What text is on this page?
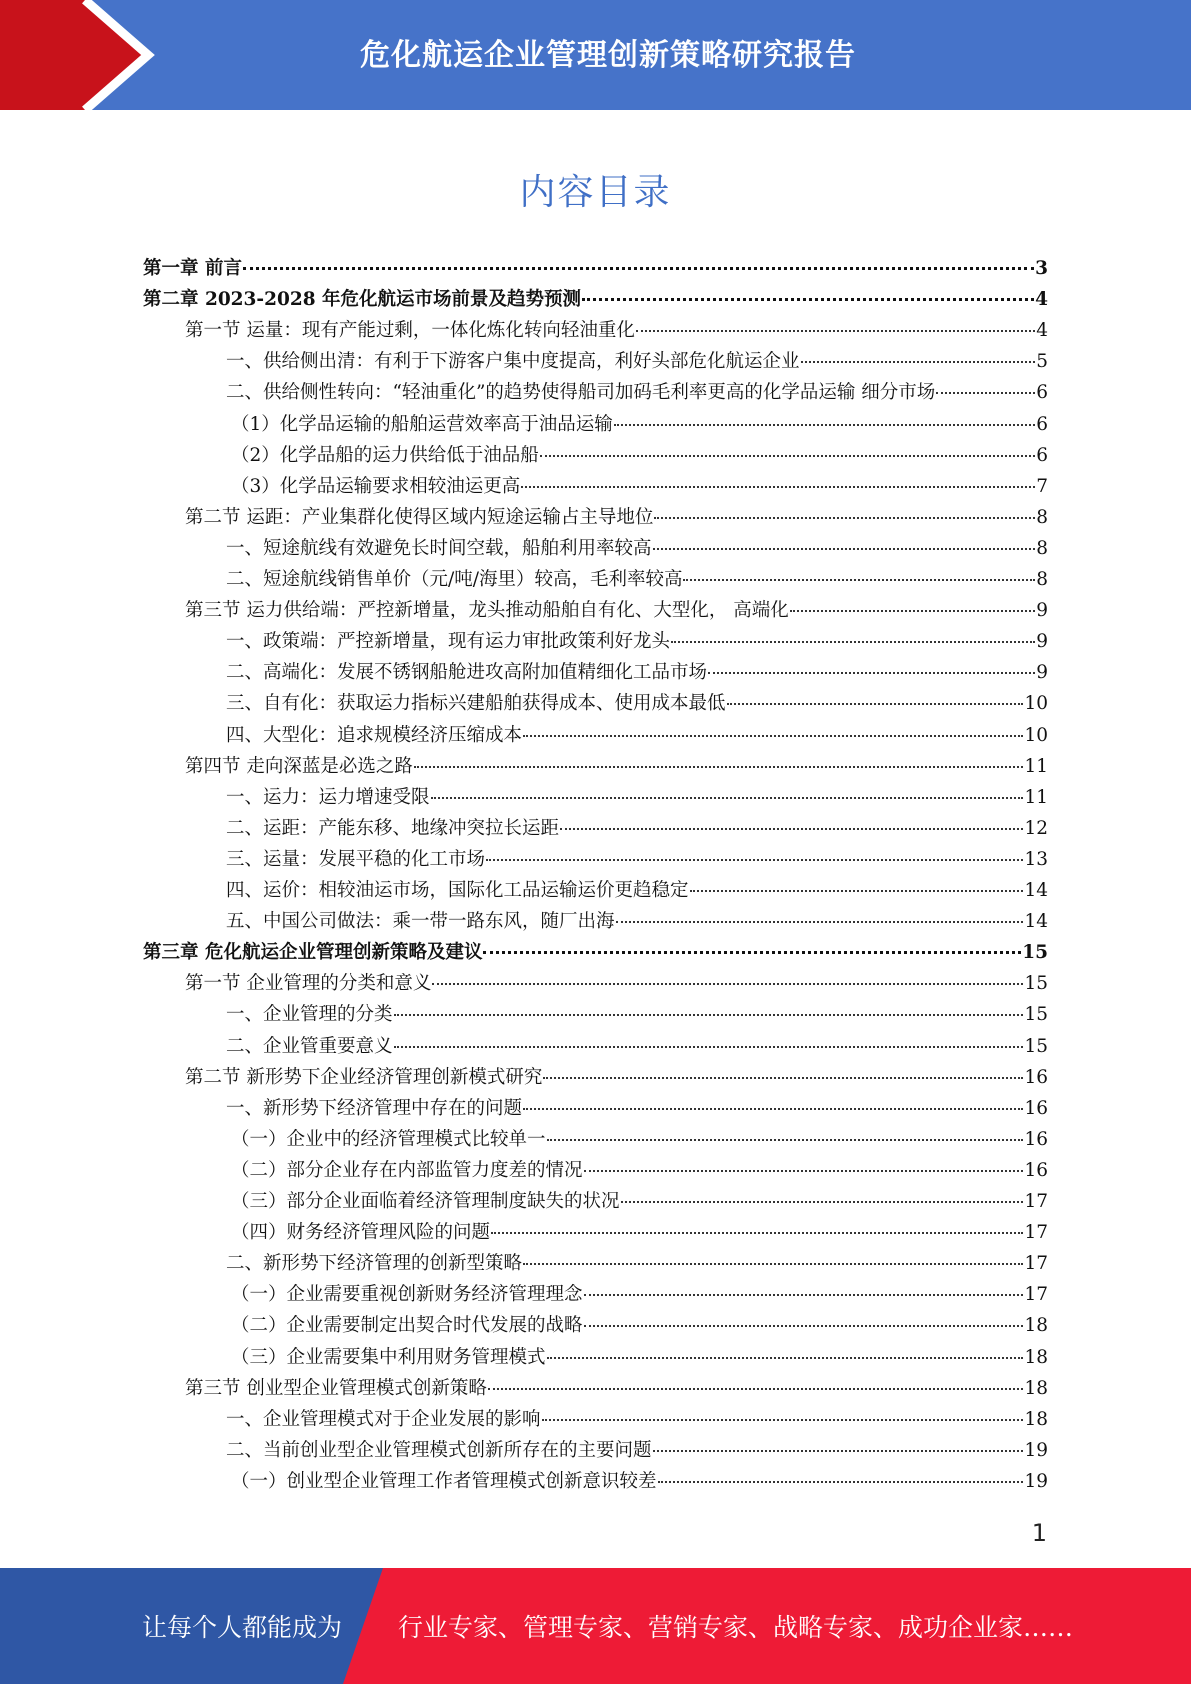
危化航运企业管理创新策略研究报告
内容目录
第一章 前言	3
第二章 2023-2028 年危化航运市场前景及趋势预测	4
第一节 运量：现有产能过剩，一体化炼化转向轻油重化	4
一、供给侧出清：有利于下游客户集中度提高，利好头部危化航运企业	5
二、供给侧性转向：“轻油重化”的趋势使得船司加码毛利率更高的化学品运输 细分市场	6
（1）化学品运输的船舶运营效率高于油品运输	6
（2）化学品船的运力供给低于油品船	6
（3）化学品运输要求相较油运更高	7
第二节 运距：产业集群化使得区域内短途运输占主导地位	8
一、短途航线有效避免长时间空载，船舶利用率较高	8
二、短途航线销售单价（元/吨/海里）较高，毛利率较高	8
第三节 运力供给端：严控新增量，龙头推动船舶自有化、大型化， 高端化	9
一、政策端：严控新增量，现有运力审批政策利好龙头	9
二、高端化：发展不锈钢船舱进攻高附加值精细化工品市场	9
三、自有化：获取运力指标兴建船舶获得成本、使用成本最低	10
四、大型化：追求规模经济压缩成本	10
第四节 走向深蓝是必选之路	11
一、运力：运力增速受限	11
二、运距：产能东移、地缘冲突拉长运距	12
三、运量：发展平稳的化工市场	13
四、运价：相较油运市场，国际化工品运输运价更趋稳定	14
五、中国公司做法：乘一带一路东风，随厂出海	14
第三章 危化航运企业管理创新策略及建议	15
第一节 企业管理的分类和意义	15
一、企业管理的分类	15
二、企业管重要意义	15
第二节 新形势下企业经济管理创新模式研究	16
一、新形势下经济管理中存在的问题	16
（一）企业中的经济管理模式比较单一	16
（二）部分企业存在内部监管力度差的情况	16
（三）部分企业面临着经济管理制度缺失的状况	17
（四）财务经济管理风险的问题	17
二、新形势下经济管理的创新型策略	17
（一）企业需要重视创新财务经济管理理念	17
（二）企业需要制定出契合时代发展的战略	18
（三）企业需要集中利用财务管理模式	18
第三节 创业型企业管理模式创新策略	18
一、企业管理模式对于企业发展的影响	18
二、当前创业型企业管理模式创新所存在的主要问题	19
（一）创业型企业管理工作者管理模式创新意识较差	19
1
让每个人都能成为 行业专家、管理专家、营销专家、战略专家、成功企业家……
